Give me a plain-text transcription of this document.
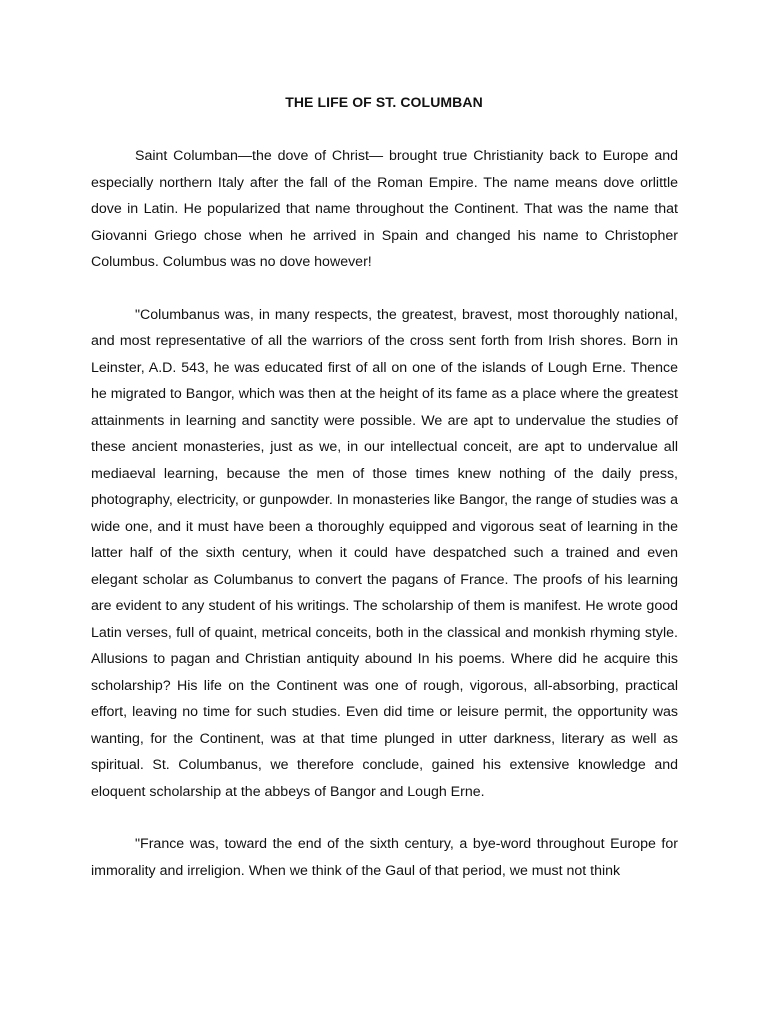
THE LIFE OF ST. COLUMBAN

Saint Columban—the dove of Christ— brought true Christianity back to Europe and especially northern Italy after the fall of the Roman Empire. The name means dove orlittle dove in Latin. He popularized that name throughout the Continent. That was the name that Giovanni Griego chose when he arrived in Spain and changed his name to Christopher Columbus. Columbus was no dove however!

"Columbanus was, in many respects, the greatest, bravest, most thoroughly national, and most representative of all the warriors of the cross sent forth from Irish shores. Born in Leinster, A.D. 543, he was educated first of all on one of the islands of Lough Erne. Thence he migrated to Bangor, which was then at the height of its fame as a place where the greatest attainments in learning and sanctity were possible. We are apt to undervalue the studies of these ancient monasteries, just as we, in our intellectual conceit, are apt to undervalue all mediaeval learning, because the men of those times knew nothing of the daily press, photography, electricity, or gunpowder. In monasteries like Bangor, the range of studies was a wide one, and it must have been a thoroughly equipped and vigorous seat of learning in the latter half of the sixth century, when it could have despatched such a trained and even elegant scholar as Columbanus to convert the pagans of France. The proofs of his learning are evident to any student of his writings. The scholarship of them is manifest. He wrote good Latin verses, full of quaint, metrical conceits, both in the classical and monkish rhyming style. Allusions to pagan and Christian antiquity abound In his poems. Where did he acquire this scholarship? His life on the Continent was one of rough, vigorous, all-absorbing, practical effort, leaving no time for such studies. Even did time or leisure permit, the opportunity was wanting, for the Continent, was at that time plunged in utter darkness, literary as well as spiritual. St. Columbanus, we therefore conclude, gained his extensive knowledge and eloquent scholarship at the abbeys of Bangor and Lough Erne.

"France was, toward the end of the sixth century, a bye-word throughout Europe for immorality and irreligion. When we think of the Gaul of that period, we must not think
